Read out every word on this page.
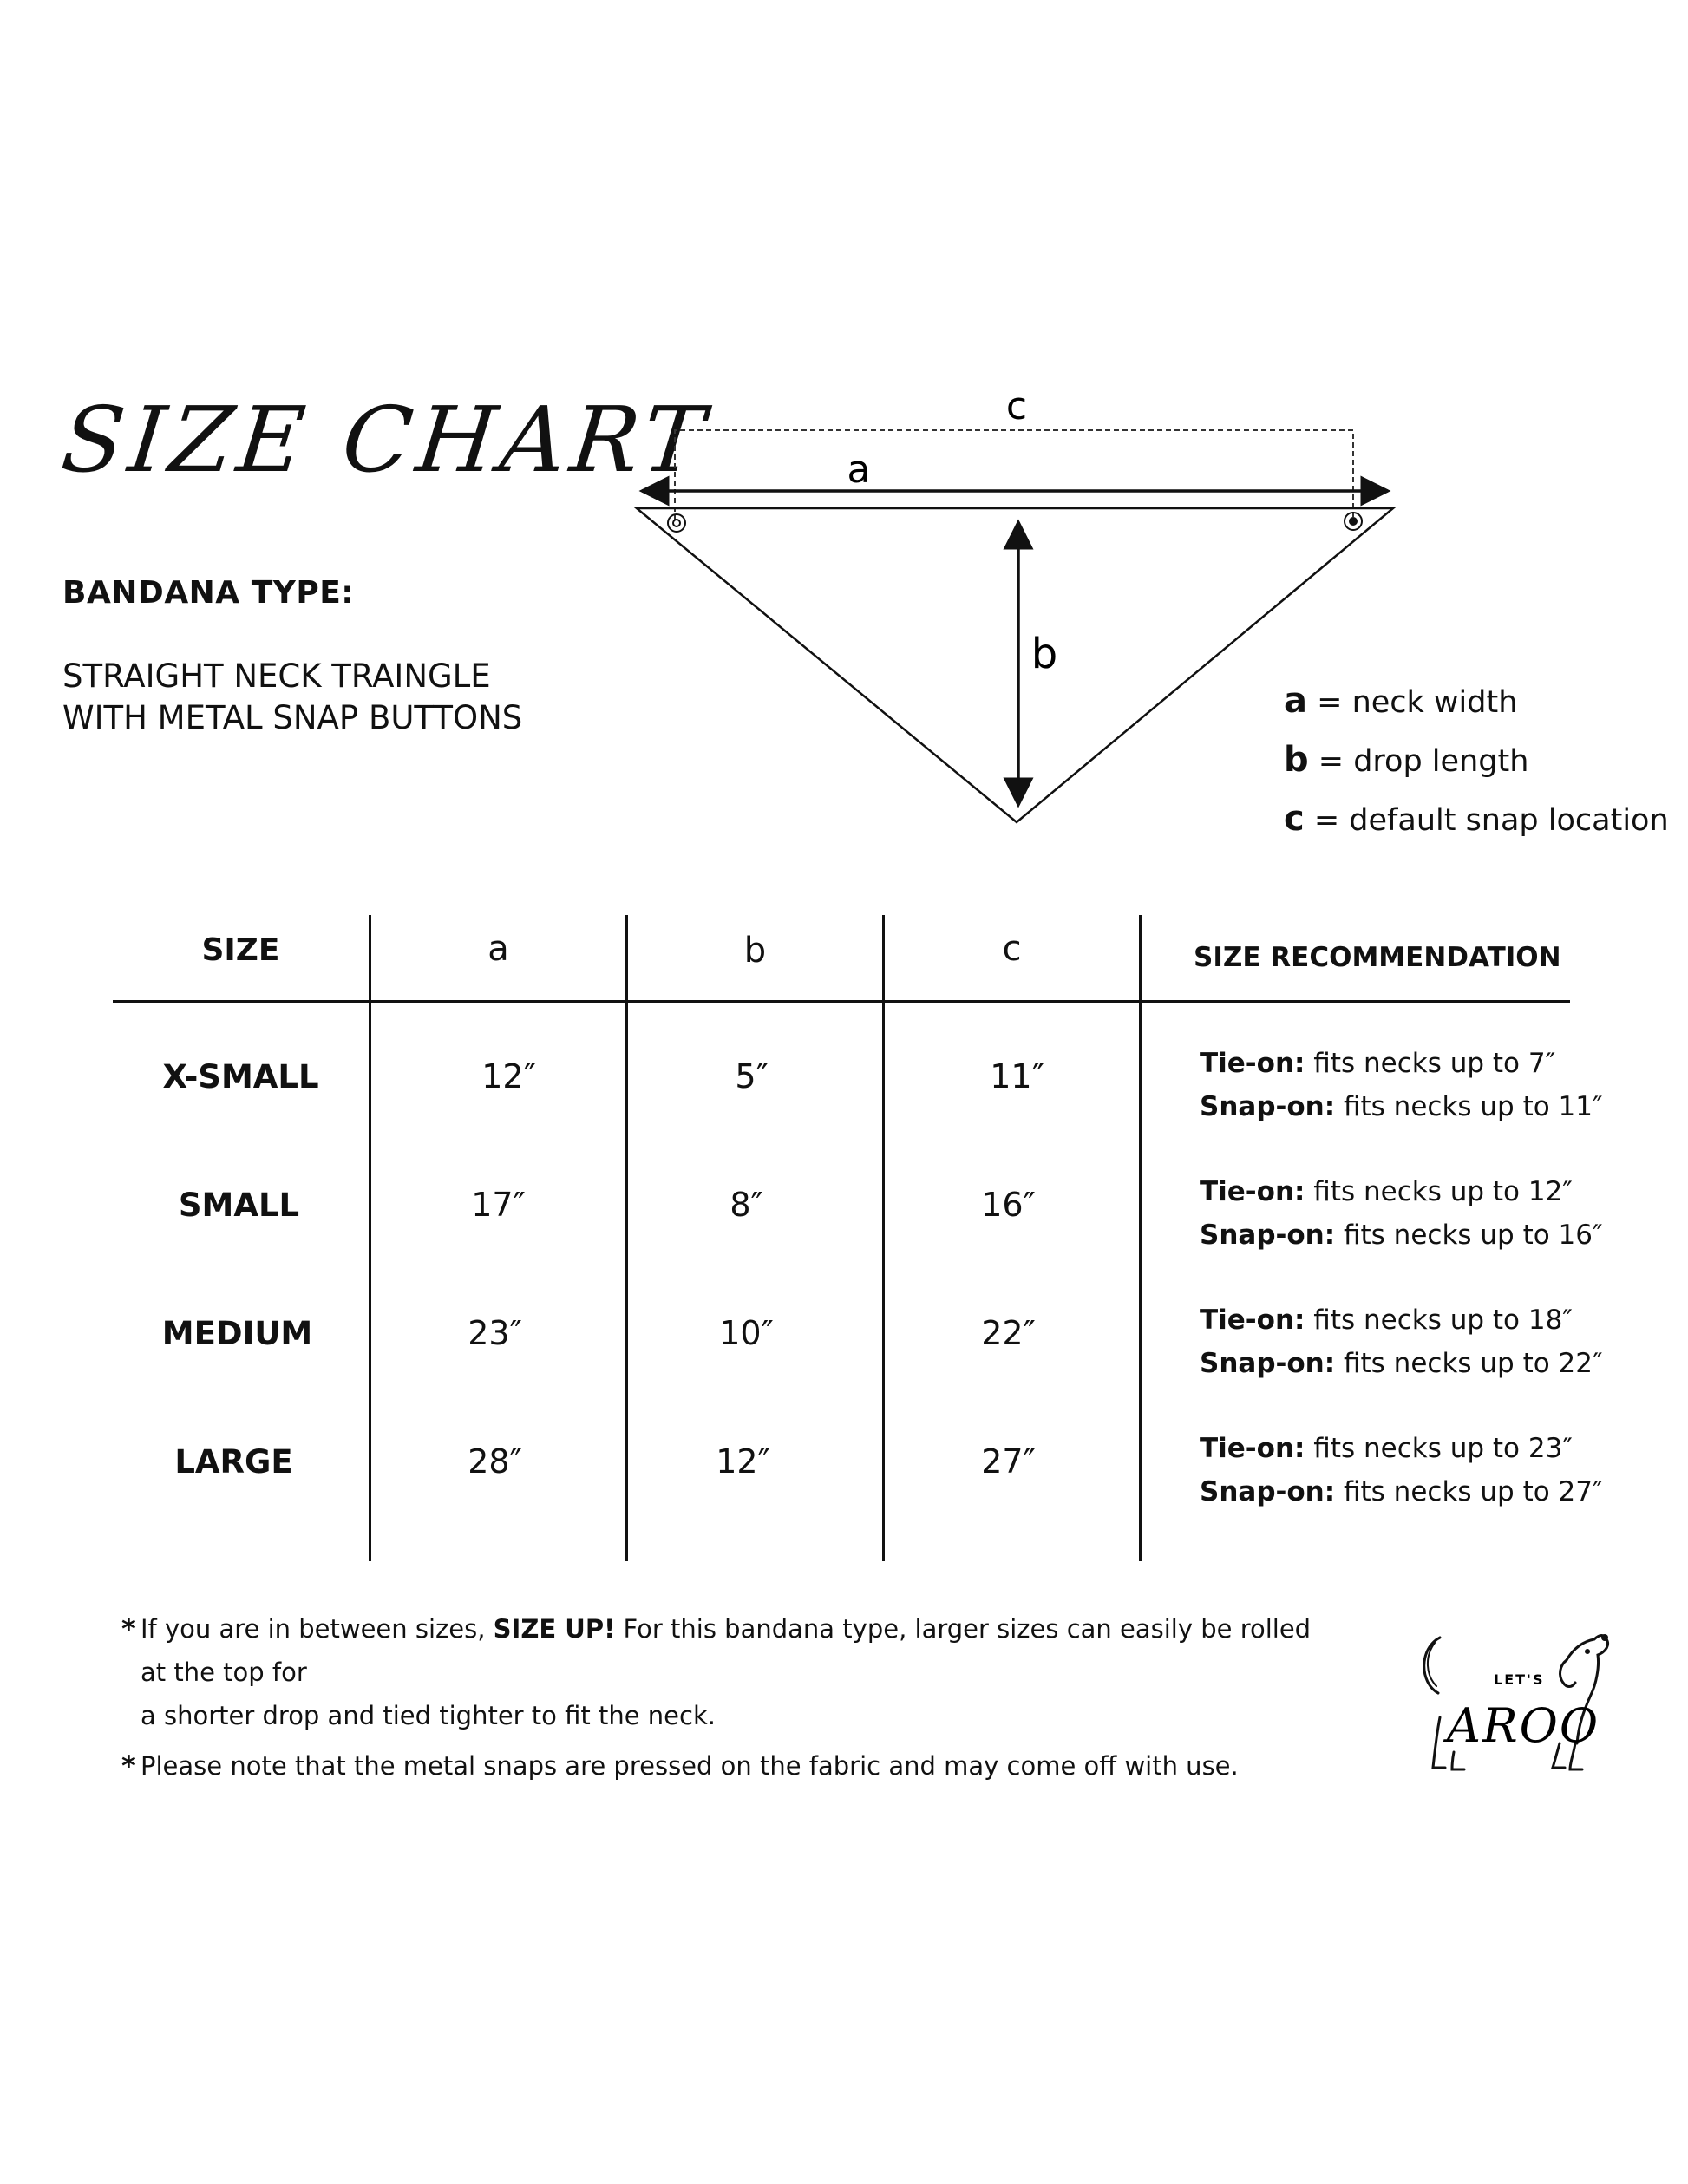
SIZE CHART
BANDANA TYPE:
STRAIGHT NECK TRAINGLE
WITH METAL SNAP BUTTONS
c
a
b
a = neck width
b = drop length
c = default snap location
SIZE	a	b	c	SIZE RECOMMENDATION
X-SMALL	12″	5″	11″	Tie-on: fits necks up to 7″
Snap-on: fits necks up to 11″
SMALL	17″	8″	16″	Tie-on: fits necks up to 12″
Snap-on: fits necks up to 16″
MEDIUM	23″	10″	22″	Tie-on: fits necks up to 18″
Snap-on: fits necks up to 22″
LARGE	28″	12″	27″	Tie-on: fits necks up to 23″
Snap-on: fits necks up to 27″
* If you are in between sizes, SIZE UP! For this bandana type, larger sizes can easily be rolled at the top for
a shorter drop and tied tighter to fit the neck.
* Please note that the metal snaps are pressed on the fabric and may come off with use.
LET'S
AROO
